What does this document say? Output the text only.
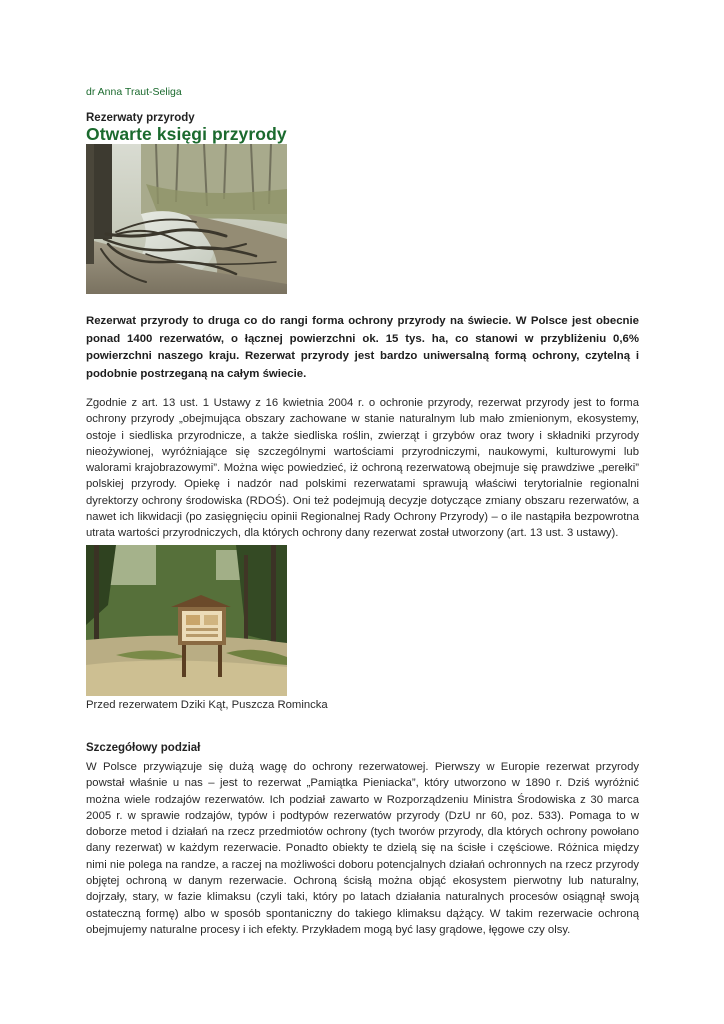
dr Anna Traut-Seliga
Rezerwaty przyrody
Otwarte księgi przyrody

Rezerwat przyrody to druga co do rangi forma ochrony przyrody na świecie. W Polsce jest obecnie ponad 1400 rezerwatów, o łącznej powierzchni ok. 15 tys. ha, co stanowi w przybliżeniu 0,6% powierzchni naszego kraju. Rezerwat przyrody jest bardzo uniwersalną formą ochrony, czytelną i podobnie postrzeganą na całym świecie.

Zgodnie z art. 13 ust. 1 Ustawy z 16 kwietnia 2004 r. o ochronie przyrody, rezerwat przyrody jest to forma ochrony przyrody „obejmująca obszary zachowane w stanie naturalnym lub mało zmienionym, ekosystemy, ostoje i siedliska przyrodnicze, a także siedliska roślin, zwierząt i grzybów oraz twory i składniki przyrody nieożywionej, wyróżniające się szczególnymi wartościami przyrodniczymi, naukowymi, kulturowymi lub walorami krajobrazowymi”. Można więc powiedzieć, iż ochroną rezerwatową obejmuje się prawdziwe „perełki” polskiej przyrody. Opiekę i nadzór nad polskimi rezerwatami sprawują właściwi terytorialnie regionalni dyrektorzy ochrony środowiska (RDOŚ). Oni też podejmują decyzje dotyczące zmiany obszaru rezerwatów, a nawet ich likwidacji (po zasięgnięciu opinii Regionalnej Rady Ochrony Przyrody) – o ile nastąpiła bezpowrotna utrata wartości przyrodniczych, dla których ochrony dany rezerwat został utworzony (art. 13 ust. 3 ustawy).

Przed rezerwatem Dziki Kąt, Puszcza Romincka
Szczegółowy podział

W Polsce przywiązuje się dużą wagę do ochrony rezerwatowej. Pierwszy w Europie rezerwat przyrody powstał właśnie u nas – jest to rezerwat „Pamiątka Pieniacka”, który utworzono w 1890 r. Dziś wyróżnić można wiele rodzajów rezerwatów. Ich podział zawarto w Rozporządzeniu Ministra Środowiska z 30 marca 2005 r. w sprawie rodzajów, typów i podtypów rezerwatów przyrody (DzU nr 60, poz. 533). Pomaga to w doborze metod i działań na rzecz przedmiotów ochrony (tych tworów przyrody, dla których ochrony powołano dany rezerwat) w każdym rezerwacie. Ponadto obiekty te dzielą się na ścisłe i częściowe. Różnica między nimi nie polega na randze, a raczej na możliwości doboru potencjalnych działań ochronnych na rzecz przyrody objętej ochroną w danym rezerwacie. Ochroną ścisłą można objąć ekosystem pierwotny lub naturalny, dojrzały, stary, w fazie klimaksu (czyli taki, który po latach działania naturalnych procesów osiągnął swoją ostateczną formę) albo w sposób spontaniczny do takiego klimaksu dążący. W takim rezerwacie ochroną obejmujemy naturalne procesy i ich efekty. Przykładem mogą być lasy grądowe, łęgowe czy olsy.
